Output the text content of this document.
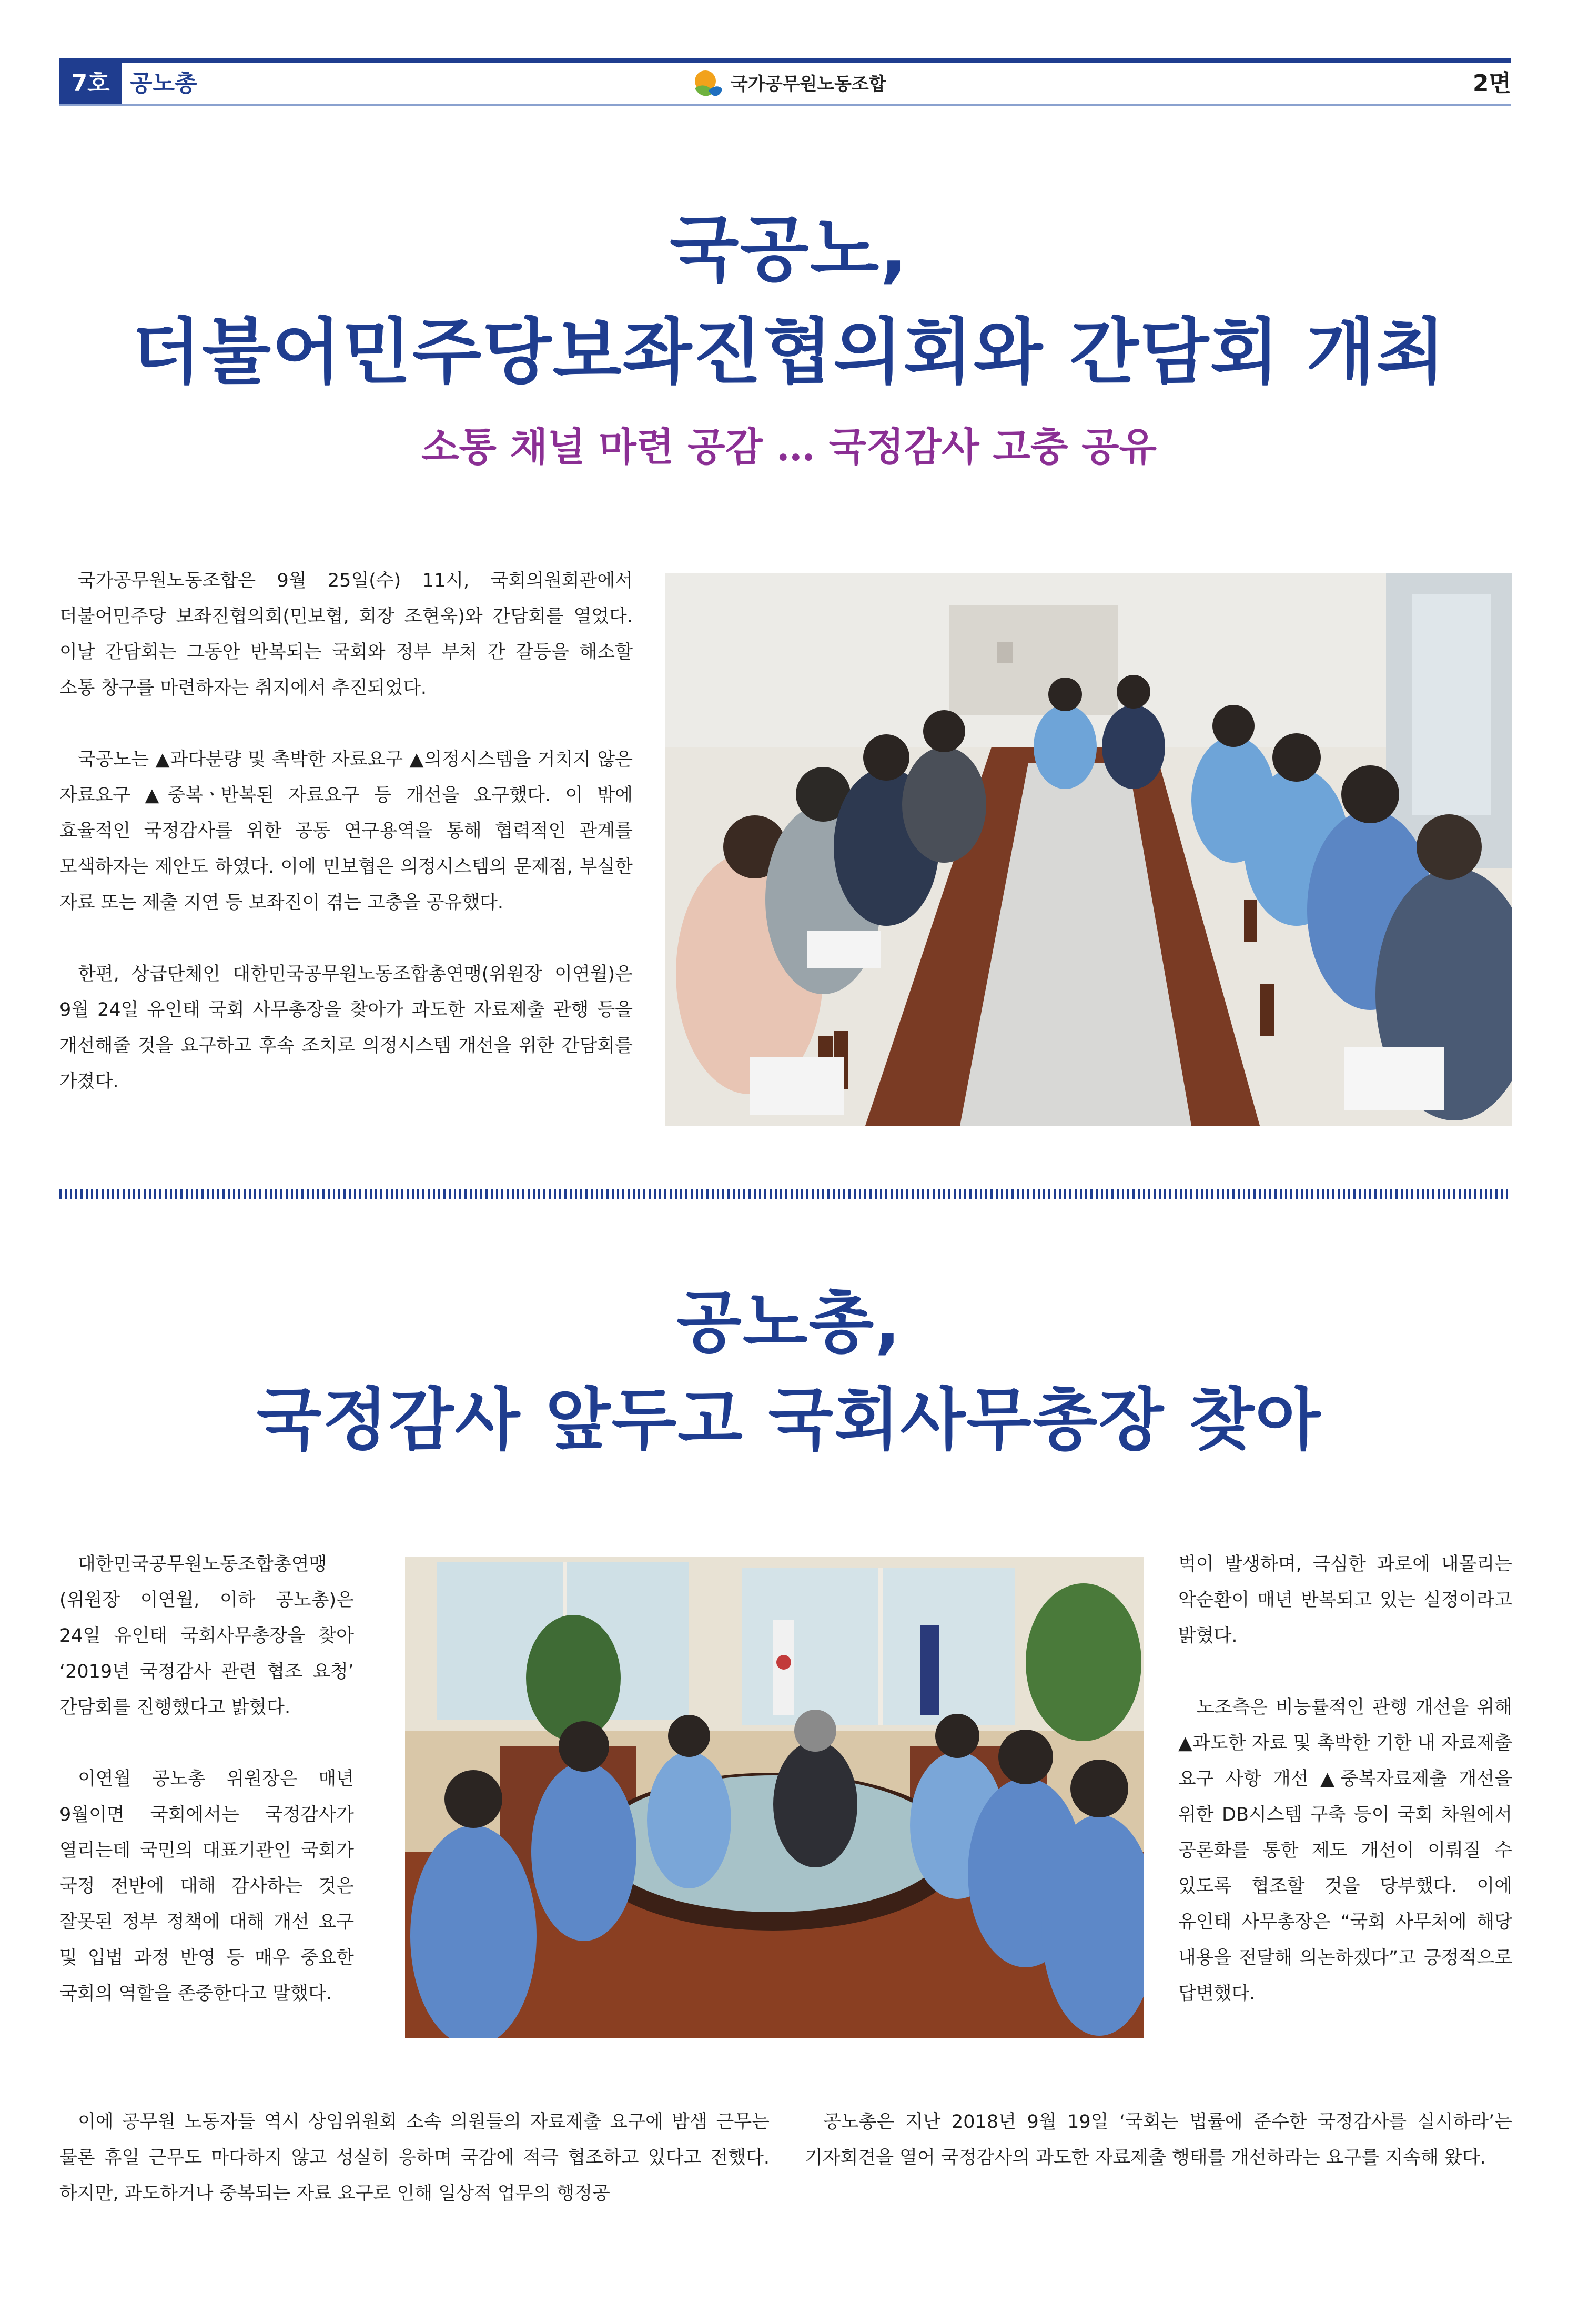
7호 공노총	국가공무원노동조합	2면
국공노,
더불어민주당보좌진협의회와 간담회 개최
소통 채널 마련 공감 … 국정감사 고충 공유

국가공무원노동조합은 9월 25일(수) 11시, 국회의원회관에서 더불어민주당 보좌진협의회(민보협, 회장 조현욱)와 간담회를 열었다. 이날 간담회는 그동안 반복되는 국회와 정부 부처 간 갈등을 해소할 소통 창구를 마련하자는 취지에서 추진되었다.

국공노는 ▲과다분량 및 촉박한 자료요구 ▲의정시스템을 거치지 않은 자료요구 ▲중복ㆍ반복된 자료요구 등 개선을 요구했다. 이 밖에 효율적인 국정감사를 위한 공동 연구용역을 통해 협력적인 관계를 모색하자는 제안도 하였다. 이에 민보협은 의정시스템의 문제점, 부실한 자료 또는 제출 지연 등 보좌진이 겪는 고충을 공유했다.

한편, 상급단체인 대한민국공무원노동조합총연맹(위원장 이연월)은 9월 24일 유인태 국회 사무총장을 찾아가 과도한 자료제출 관행 등을 개선해줄 것을 요구하고 후속 조치로 의정시스템 개선을 위한 간담회를 가졌다.

공노총,
국정감사 앞두고 국회사무총장 찾아

대한민국공무원노동조합총연맹(위원장 이연월, 이하 공노총)은 24일 유인태 국회사무총장을 찾아 ‘2019년 국정감사 관련 협조 요청’ 간담회를 진행했다고 밝혔다.

이연월 공노총 위원장은 매년 9월이면 국회에서는 국정감사가 열리는데 국민의 대표기관인 국회가 국정 전반에 대해 감사하는 것은 잘못된 정부 정책에 대해 개선 요구 및 입법 과정 반영 등 매우 중요한 국회의 역할을 존중한다고 말했다.

벅이 발생하며, 극심한 과로에 내몰리는 악순환이 매년 반복되고 있는 실정이라고 밝혔다.

노조측은 비능률적인 관행 개선을 위해 ▲과도한 자료 및 촉박한 기한 내 자료제출 요구 사항 개선 ▲중복자료제출 개선을 위한 DB시스템 구축 등이 국회 차원에서 공론화를 통한 제도 개선이 이뤄질 수 있도록 협조할 것을 당부했다. 이에 유인태 사무총장은 “국회 사무처에 해당 내용을 전달해 의논하겠다”고 긍정적으로 답변했다.

이에 공무원 노동자들 역시 상임위원회 소속 의원들의 자료제출 요구에 밤샘 근무는 물론 휴일 근무도 마다하지 않고 성실히 응하며 국감에 적극 협조하고 있다고 전했다. 하지만, 과도하거나 중복되는 자료 요구로 인해 일상적 업무의 행정공

공노총은 지난 2018년 9월 19일 ‘국회는 법률에 준수한 국정감사를 실시하라’는 기자회견을 열어 국정감사의 과도한 자료제출 행태를 개선하라는 요구를 지속해 왔다.
